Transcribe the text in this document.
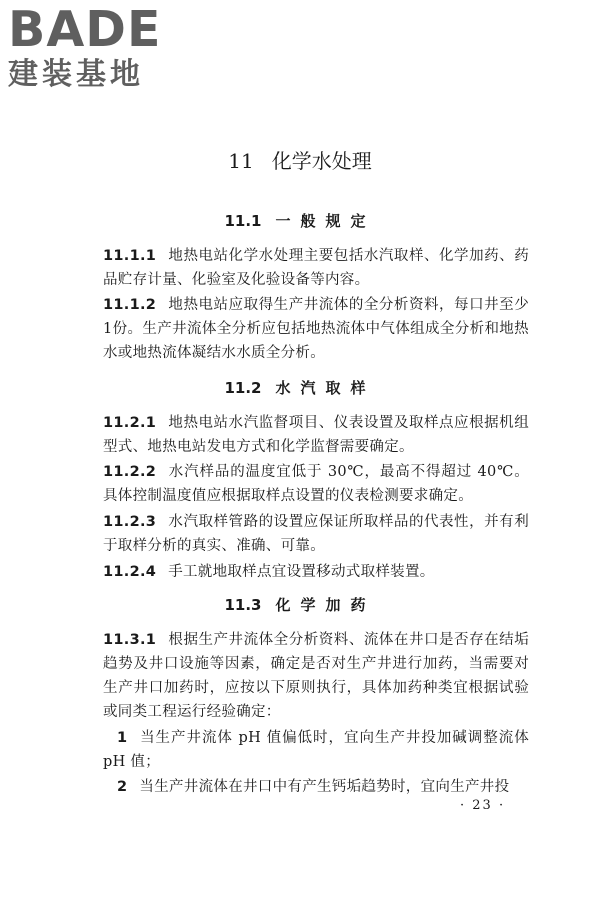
BADE
建装基地
11 化学水处理
11.1 一般规定
11.1.1 地热电站化学水处理主要包括水汽取样、化学加药、药品贮存计量、化验室及化验设备等内容。
11.1.2 地热电站应取得生产井流体的全分析资料，每口井至少1份。生产井流体全分析应包括地热流体中气体组成全分析和地热水或地热流体凝结水水质全分析。
11.2 水汽取样
11.2.1 地热电站水汽监督项目、仪表设置及取样点应根据机组型式、地热电站发电方式和化学监督需要确定。
11.2.2 水汽样品的温度宜低于 30℃，最高不得超过 40℃。具体控制温度值应根据取样点设置的仪表检测要求确定。
11.2.3 水汽取样管路的设置应保证所取样品的代表性，并有利于取样分析的真实、准确、可靠。
11.2.4 手工就地取样点宜设置移动式取样装置。
11.3 化学加药
11.3.1 根据生产井流体全分析资料、流体在井口是否存在结垢趋势及井口设施等因素，确定是否对生产井进行加药，当需要对生产井口加药时，应按以下原则执行，具体加药种类宜根据试验或同类工程运行经验确定：
1 当生产井流体 pH 值偏低时，宜向生产井投加碱调整流体 pH 值；
2 当生产井流体在井口中有产生钙垢趋势时，宜向生产井投
· 23 ·
